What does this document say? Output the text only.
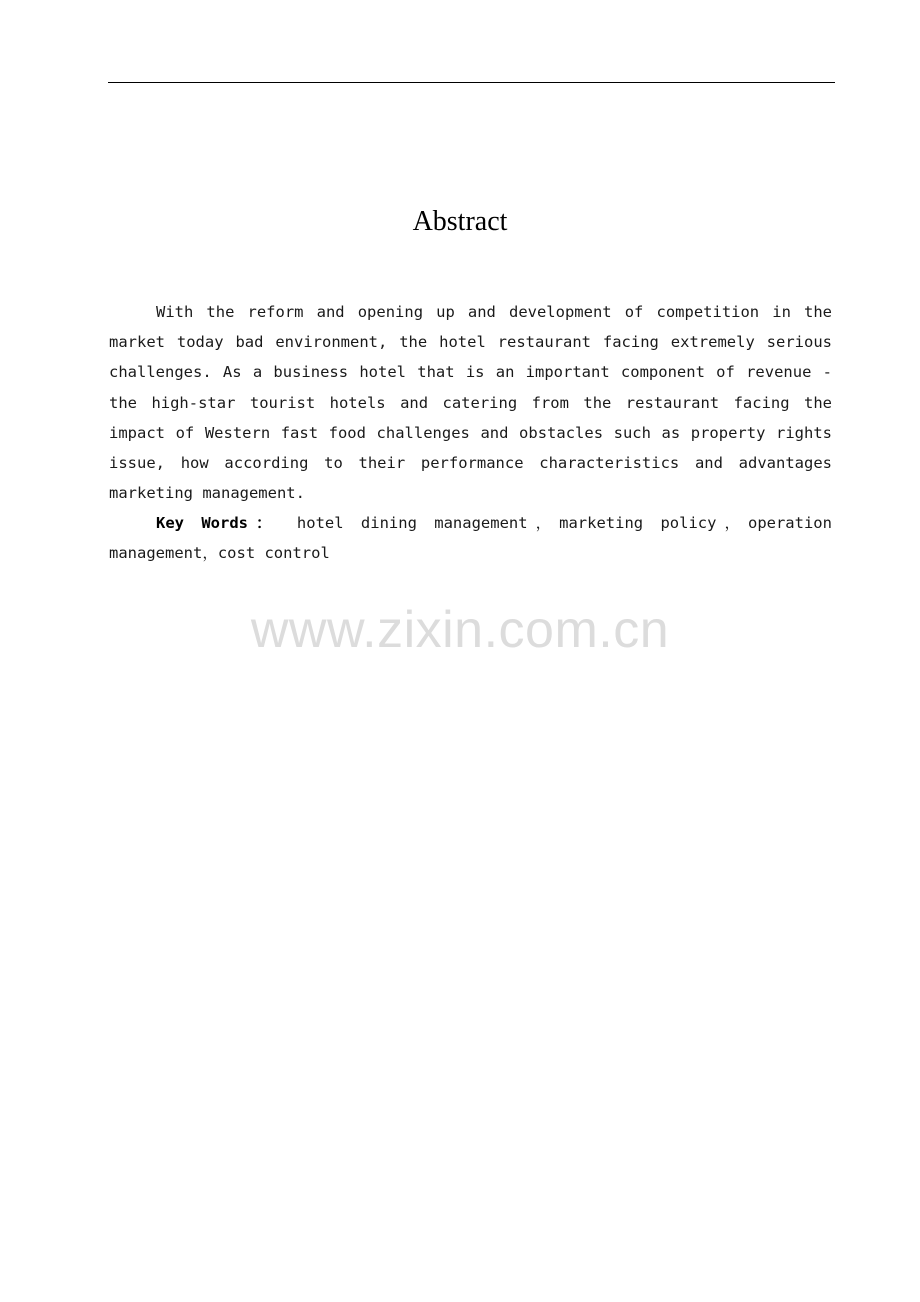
Abstract

With the reform and opening up and development of competition in the market today bad environment, the hotel restaurant facing extremely serious challenges. As a business hotel that is an important component of revenue - the high-star tourist hotels and catering from the restaurant facing the impact of Western fast food challenges and obstacles such as property rights issue, how according to their performance characteristics and advantages marketing management.

Key Words： hotel dining management，marketing policy，operation management，cost control

www.zixin.com.cn
